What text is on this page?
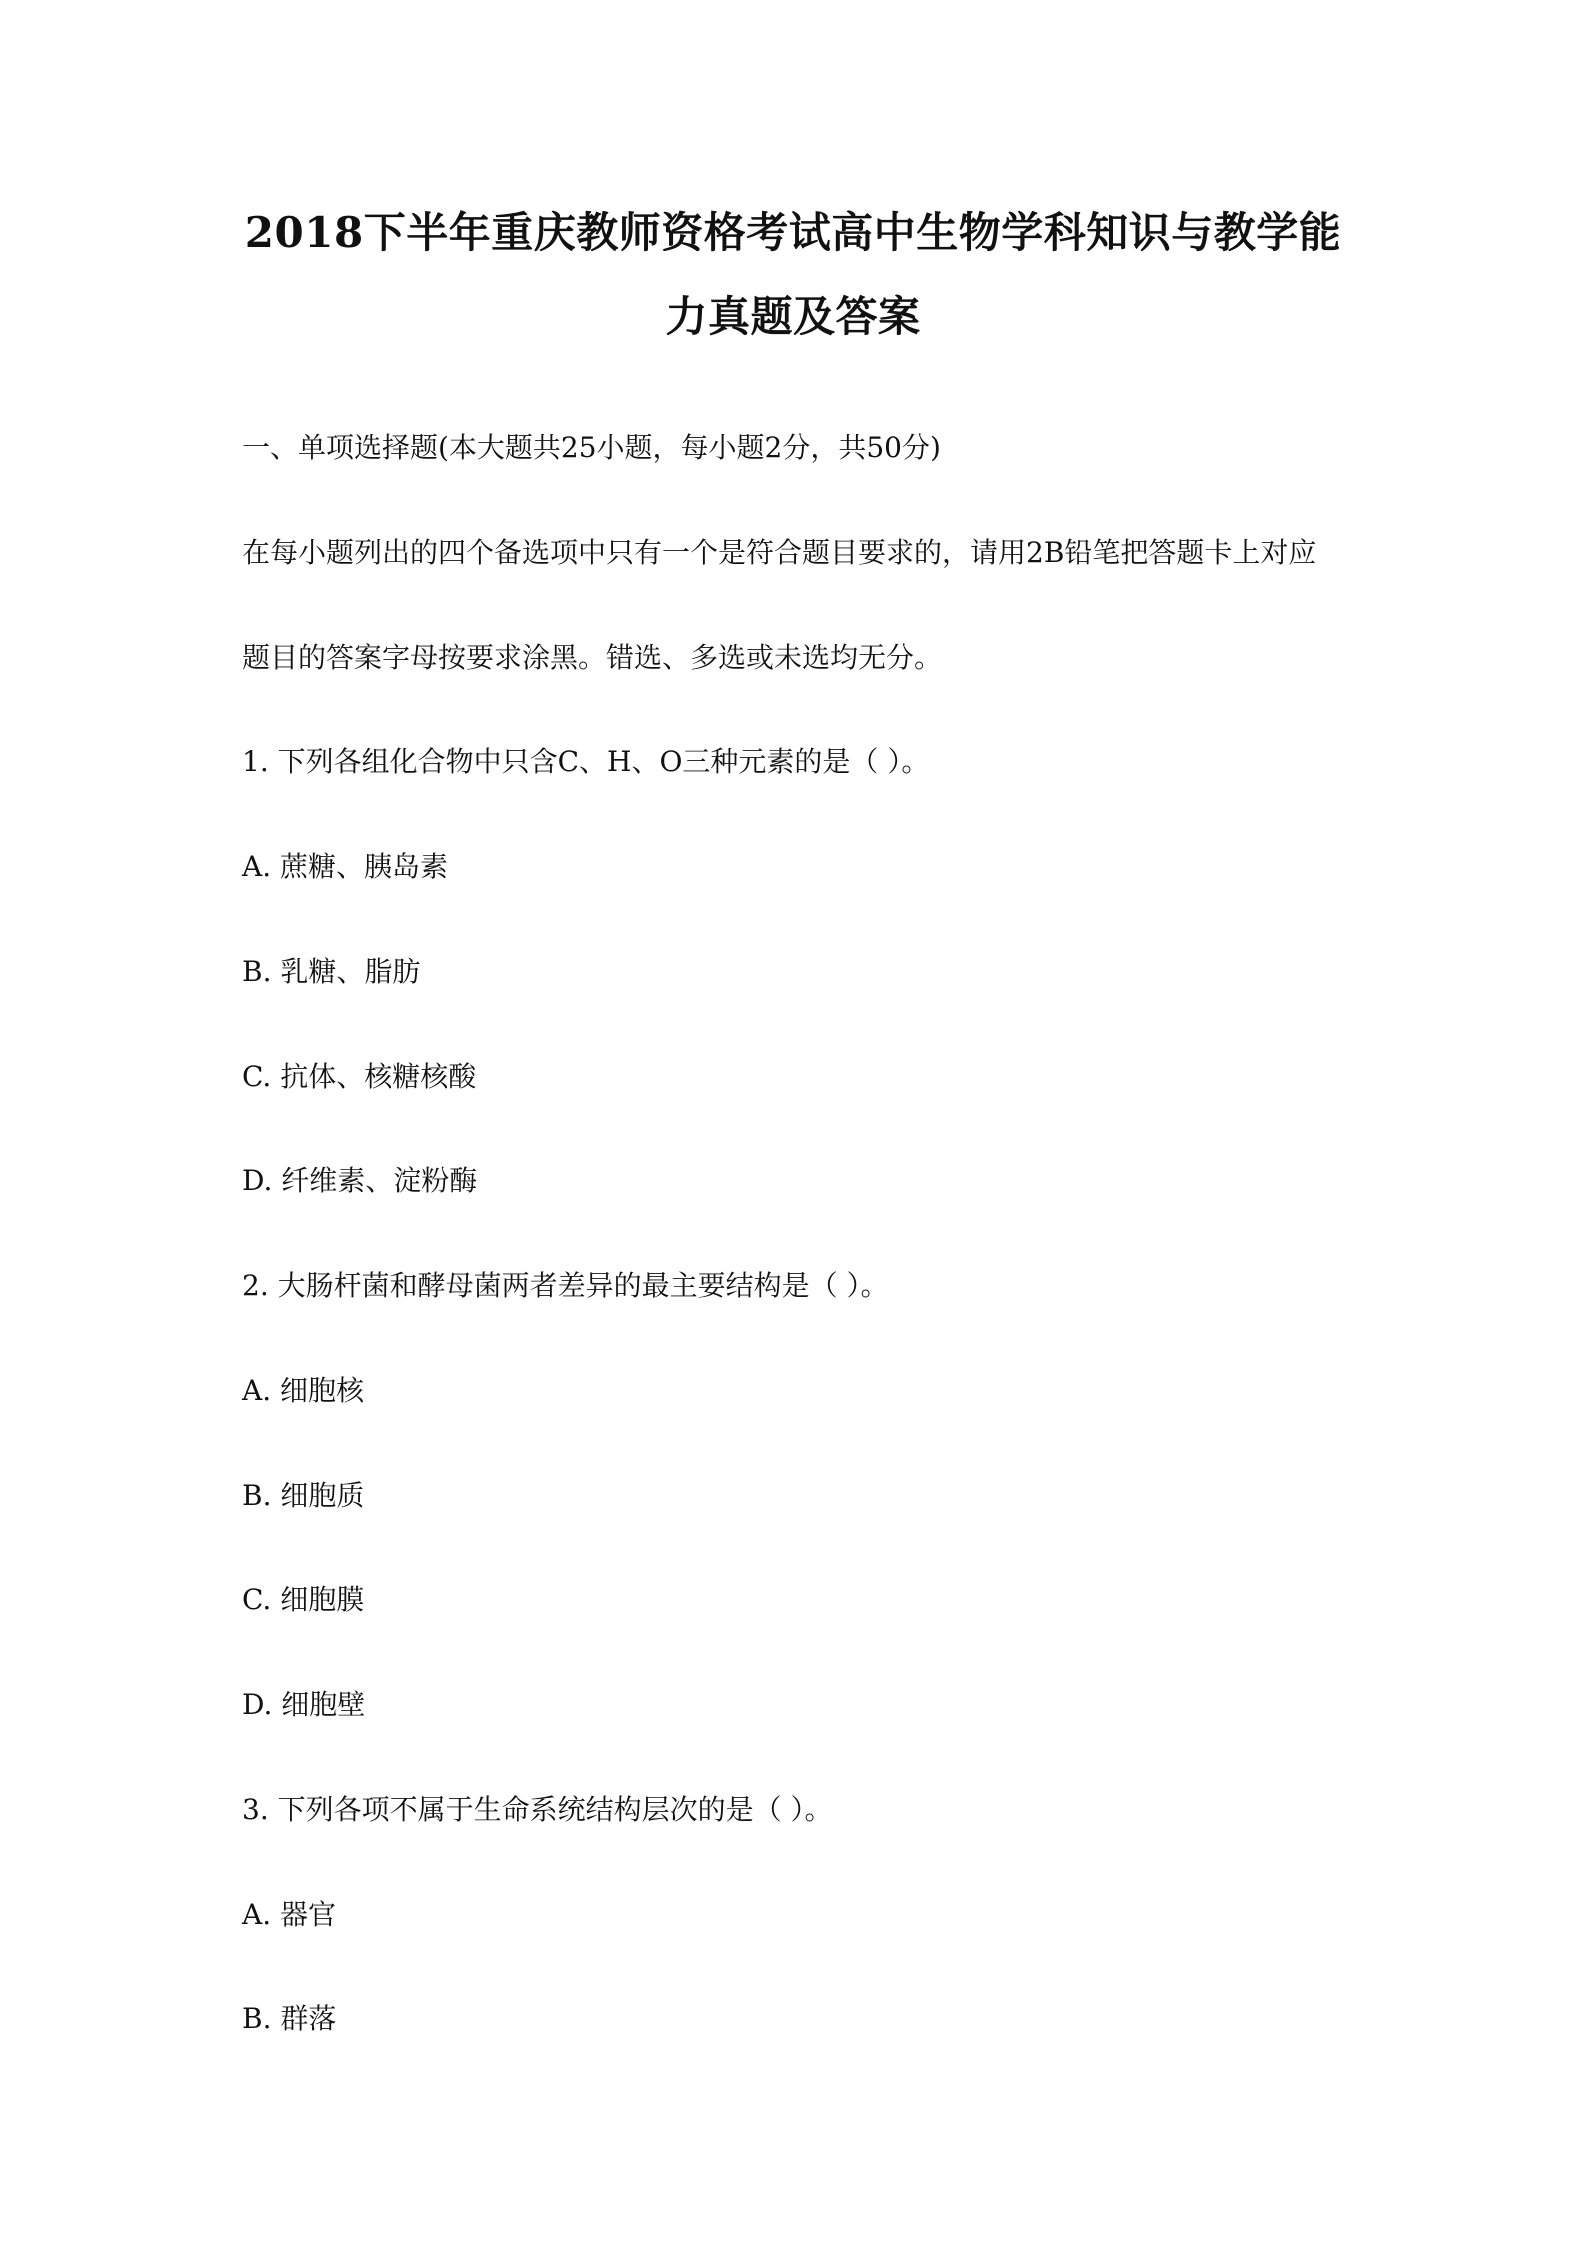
2018下半年重庆教师资格考试高中生物学科知识与教学能
力真题及答案
一、单项选择题(本大题共25小题，每小题2分，共50分)
在每小题列出的四个备选项中只有一个是符合题目要求的，请用2B铅笔把答题卡上对应
题目的答案字母按要求涂黑。错选、多选或未选均无分。
1. 下列各组化合物中只含C、H、O三种元素的是（ ）。
A. 蔗糖、胰岛素
B. 乳糖、脂肪
C. 抗体、核糖核酸
D. 纤维素、淀粉酶
2. 大肠杆菌和酵母菌两者差异的最主要结构是（ ）。
A. 细胞核
B. 细胞质
C. 细胞膜
D. 细胞壁
3. 下列各项不属于生命系统结构层次的是（ ）。
A. 器官
B. 群落
